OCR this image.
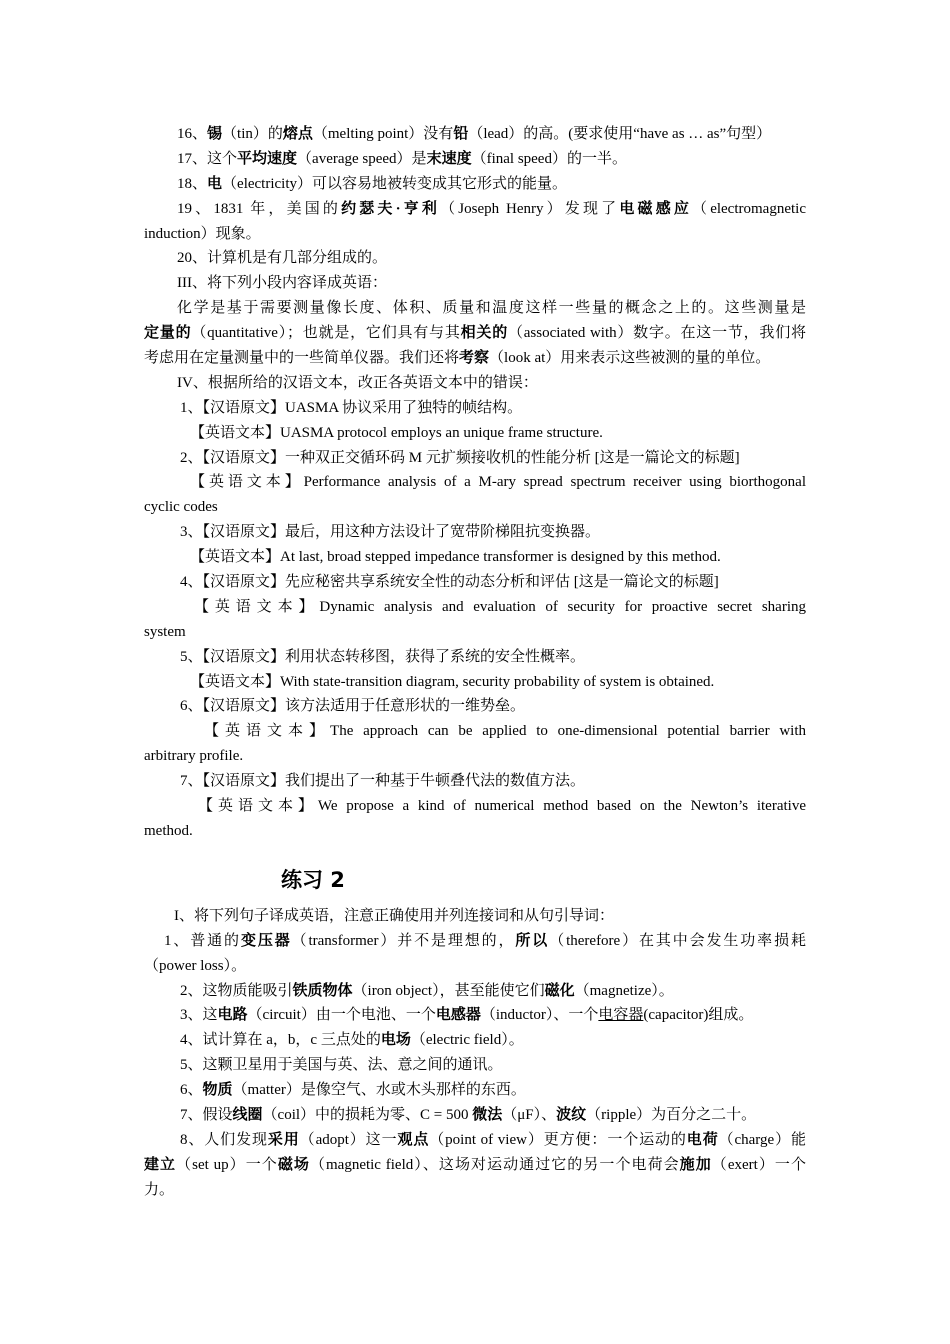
16、锡（tin）的熔点（melting point）没有铅（lead）的高。(要求使用“have as … as”句型）
17、这个平均速度（average speed）是末速度（final speed）的一半。
18、电（electricity）可以容易地被转变成其它形式的能量。
19、1831 年，美国的约瑟夫·亨利（Joseph Henry）发现了电磁感应（electromagnetic
induction）现象。
20、计算机是有几部分组成的。
III、将下列小段内容译成英语：
化学是基于需要测量像长度、体积、质量和温度这样一些量的概念之上的。这些测量是
定量的（quantitative）；也就是，它们具有与其相关的（associated with）数字。在这一节，我们将
考虑用在定量测量中的一些简单仪器。我们还将考察（look at）用来表示这些被测的量的单位。
IV、根据所给的汉语文本，改正各英语文本中的错误：
1、【汉语原文】UASMA 协议采用了独特的帧结构。
【英语文本】UASMA protocol employs an unique frame structure.
2、【汉语原文】一种双正交循环码 M 元扩频接收机的性能分析 [这是一篇论文的标题]
【英语文本】Performance analysis of a M-ary spread spectrum receiver using biorthogonal
cyclic codes
3、【汉语原文】最后，用这种方法设计了宽带阶梯阻抗变换器。
【英语文本】At last, broad stepped impedance transformer is designed by this method.
4、【汉语原文】先应秘密共享系统安全性的动态分析和评估 [这是一篇论文的标题]
【英语文本】Dynamic analysis and evaluation of security for proactive secret sharing
system
5、【汉语原文】利用状态转移图，获得了系统的安全性概率。
【英语文本】With state-transition diagram, security probability of system is obtained.
6、【汉语原文】该方法适用于任意形状的一维势垒。
【英语文本】The approach can be applied to one-dimensional potential barrier with
arbitrary profile.
7、【汉语原文】我们提出了一种基于牛顿叠代法的数值方法。
【英语文本】We propose a kind of numerical method based on the Newton’s iterative
method.
练习 2
I、将下列句子译成英语，注意正确使用并列连接词和从句引导词：
1、普通的变压器（transformer）并不是理想的，所以（therefore）在其中会发生功率损耗
（power loss）。
2、这物质能吸引铁质物体（iron object），甚至能使它们磁化（magnetize）。
3、这电路（circuit）由一个电池、一个电感器（inductor）、一个电容器(capacitor)组成。
4、试计算在 a，b，c 三点处的电场（electric field）。
5、这颗卫星用于美国与英、法、意之间的通讯。
6、物质（matter）是像空气、水或木头那样的东西。
7、假设线圈（coil）中的损耗为零、C = 500 微法（μF）、波纹（ripple）为百分之二十。
8、人们发现采用（adopt）这一观点（point of view）更方便：一个运动的电荷（charge）能
建立（set up）一个磁场（magnetic field）、这场对运动通过它的另一个电荷会施加（exert）一个
力。
